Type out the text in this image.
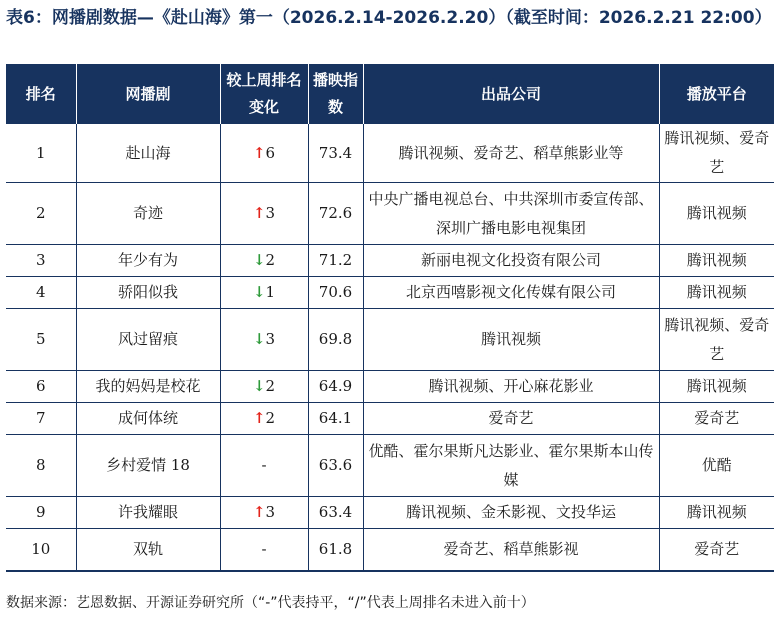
表6：网播剧数据—《赴山海》第一（2026.2.14-2026.2.20）（截至时间：2026.2.21 22:00）
排名	网播剧	较上周排名变化	播映指数	出品公司	播放平台
1	赴山海	↑6	73.4	腾讯视频、爱奇艺、稻草熊影业等	腾讯视频、爱奇艺
2	奇迹	↑3	72.6	中央广播电视总台、中共深圳市委宣传部、深圳广播电影电视集团	腾讯视频
3	年少有为	↓2	71.2	新丽电视文化投资有限公司	腾讯视频
4	骄阳似我	↓1	70.6	北京西嘻影视文化传媒有限公司	腾讯视频
5	风过留痕	↓3	69.8	腾讯视频	腾讯视频、爱奇艺
6	我的妈妈是校花	↓2	64.9	腾讯视频、开心麻花影业	腾讯视频
7	成何体统	↑2	64.1	爱奇艺	爱奇艺
8	乡村爱情 18	-	63.6	优酷、霍尔果斯凡达影业、霍尔果斯本山传媒	优酷
9	许我耀眼	↑3	63.4	腾讯视频、金禾影视、文投华运	腾讯视频
10	双轨	-	61.8	爱奇艺、稻草熊影视	爱奇艺
数据来源：艺恩数据、开源证券研究所（“-”代表持平，“/”代表上周排名未进入前十）
